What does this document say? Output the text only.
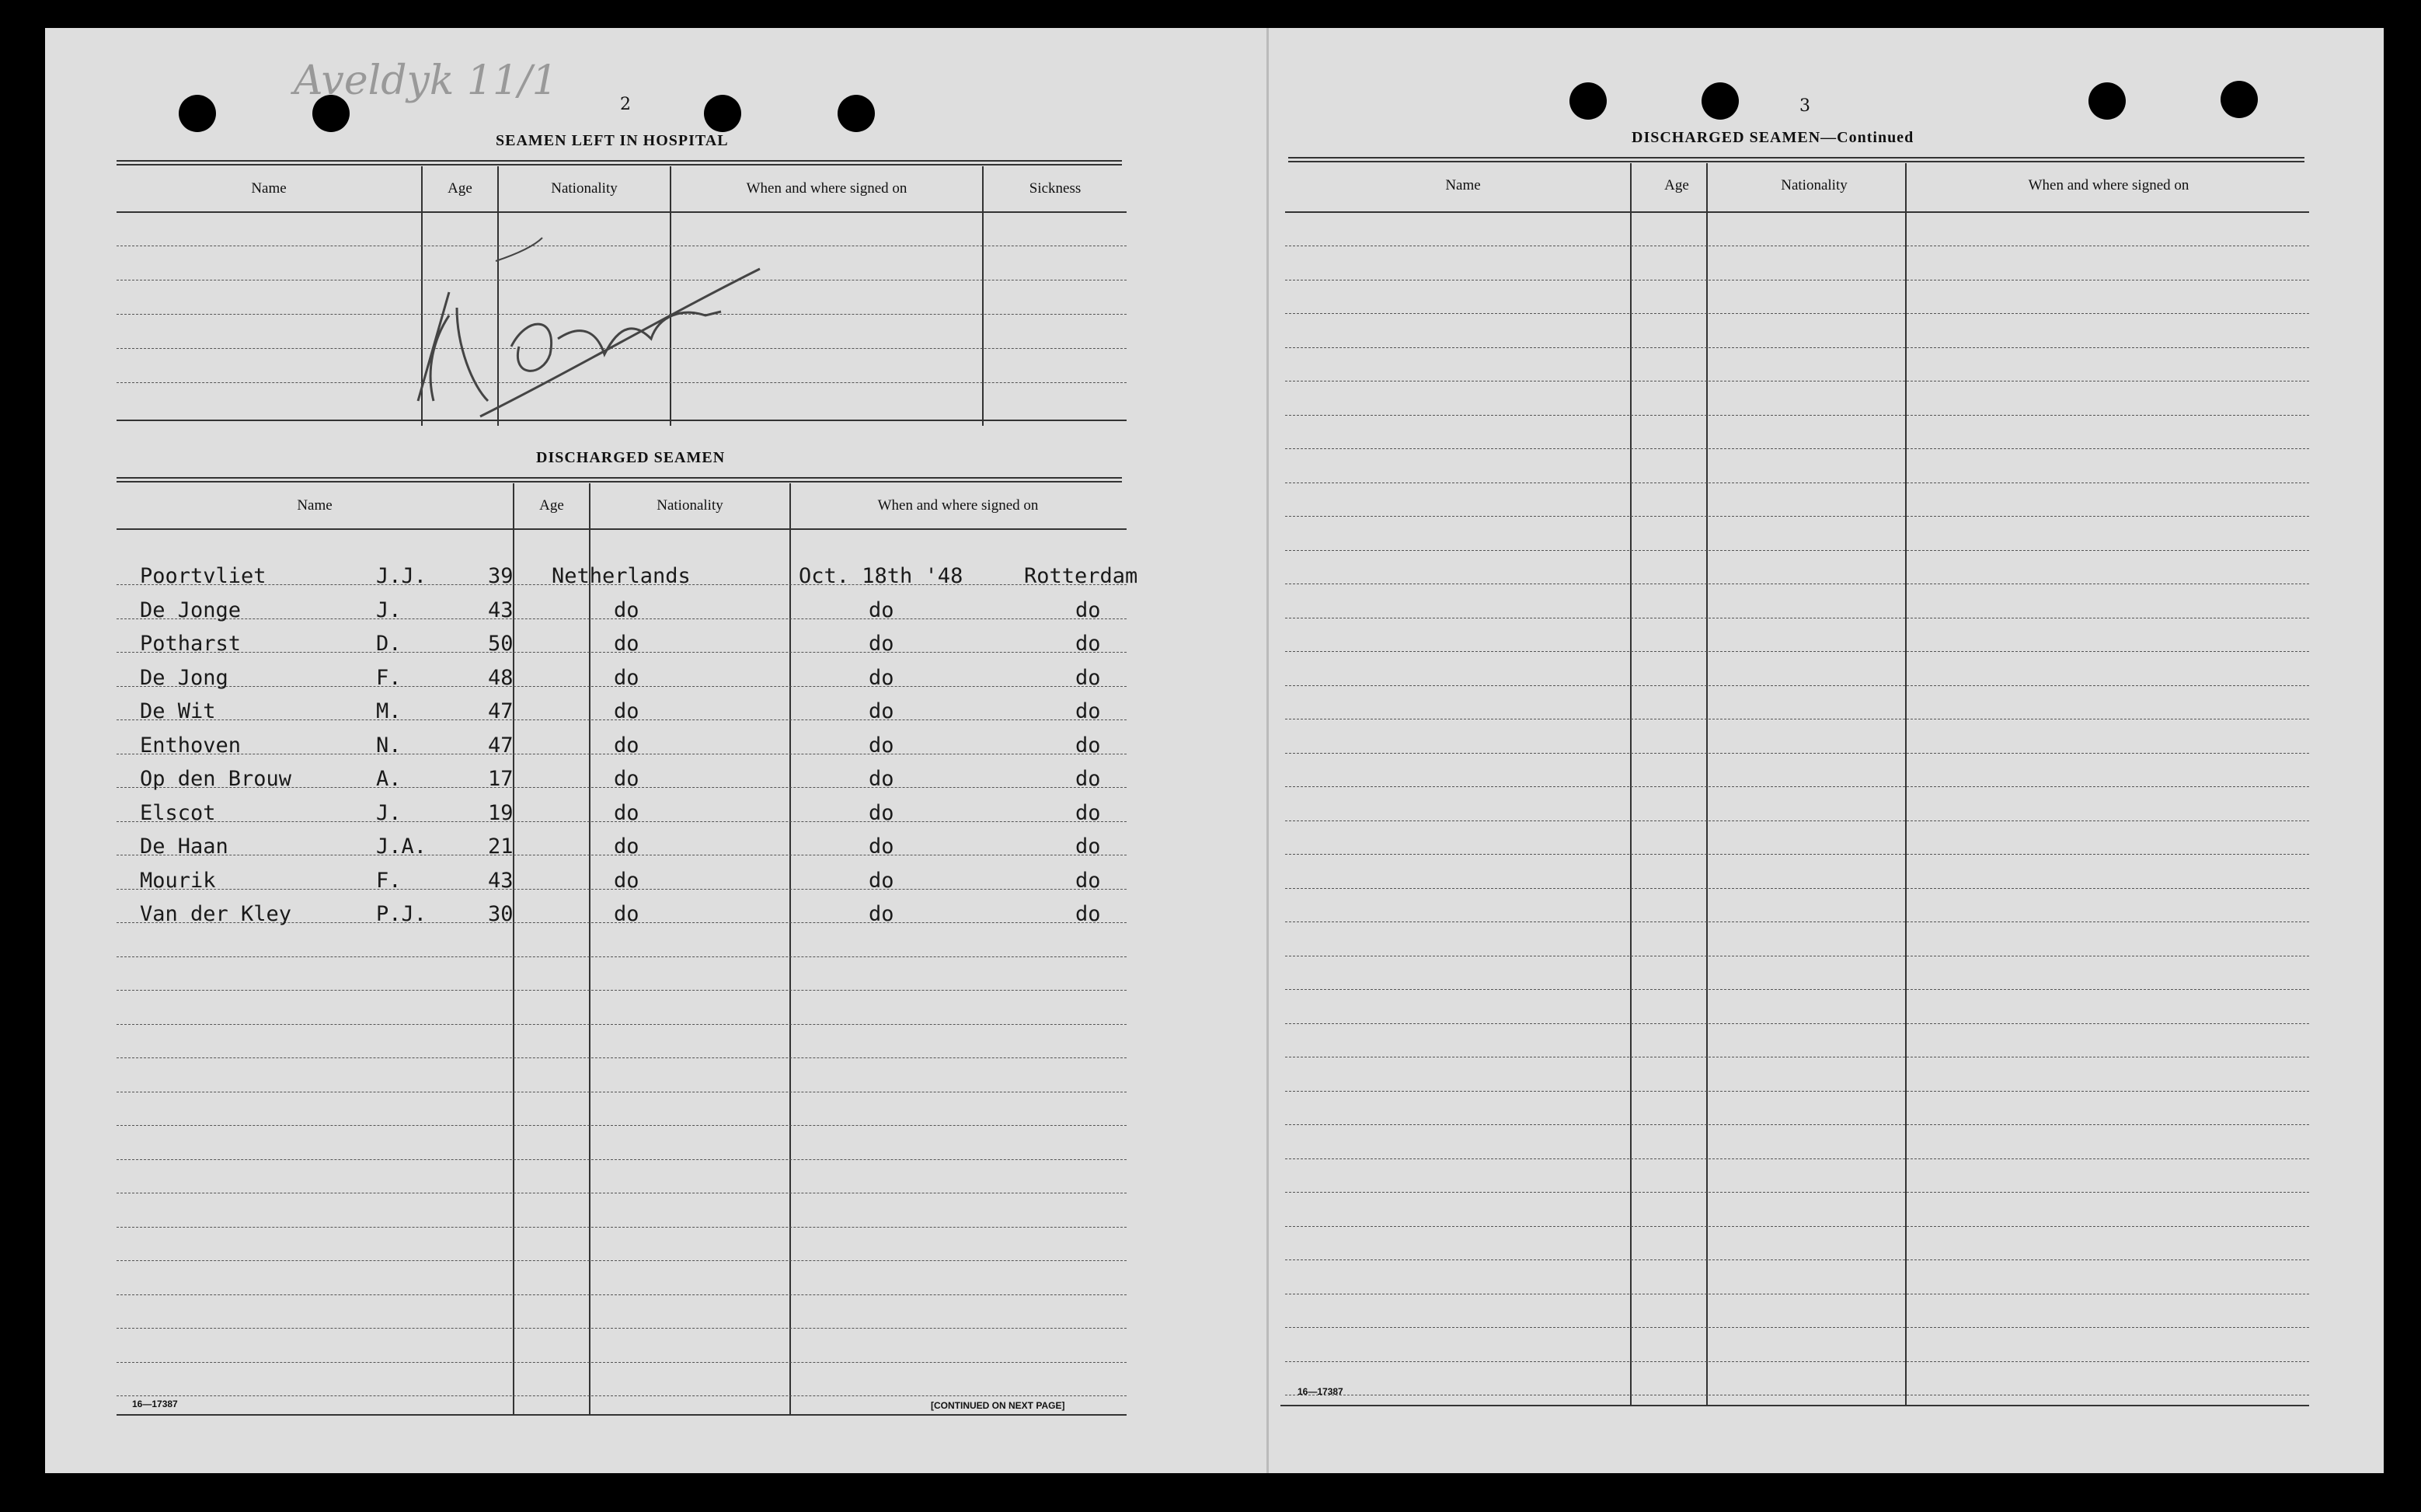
Aveldyk 11/1
2
SEAMEN LEFT IN HOSPITAL
Name	Age	Nationality	When and where signed on	Sickness
DISCHARGED SEAMEN
Name	Age	Nationality	When and where signed on
Poortvliet	J.J.	39 Netherlands	Oct. 18th '48	Rotterdam
De Jonge	J.	43	do	do	do
Potharst	D.	50	do	do	do
De Jong	F.	48	do	do	do
De Wit	M.	47	do	do	do
Enthoven	N.	47	do	do	do
Op den Brouw	A.	17	do	do	do
Elscot	J.	19	do	do	do
De Haan	J.A.	21	do	do	do
Mourik	F.	43	do	do	do
Van der Kley	P.J.	30	do	do	do
16—17387	[CONTINUED ON NEXT PAGE]
3
DISCHARGED SEAMEN—Continued
Name	Age	Nationality	When and where signed on
16—17387
